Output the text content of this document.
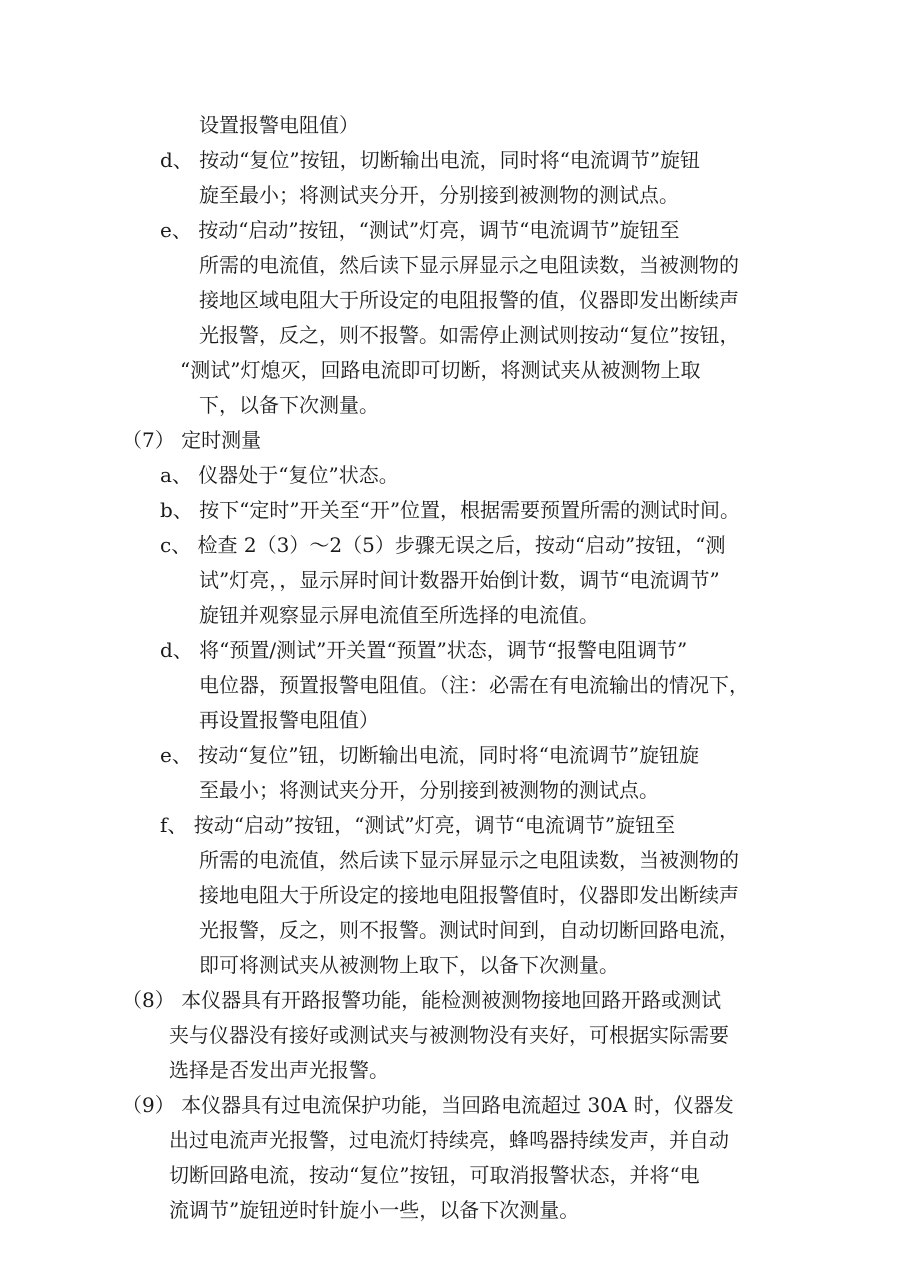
设置报警电阻值）
d、 按动“复位”按钮，切断输出电流，同时将“电流调节”旋钮
旋至最小；将测试夹分开，分别接到被测物的测试点。
e、 按动“启动”按钮，“测试”灯亮，调节“电流调节”旋钮至
所需的电流值，然后读下显示屏显示之电阻读数，当被测物的
接地区域电阻大于所设定的电阻报警的值，仪器即发出断续声
光报警，反之，则不报警。如需停止测试则按动“复位”按钮，
“测试”灯熄灭，回路电流即可切断，将测试夹从被测物上取
下，以备下次测量。
（7） 定时测量
a、 仪器处于“复位”状态。
b、 按下“定时”开关至“开”位置，根据需要预置所需的测试时间。
c、 检查 2（3）～2（5）步骤无误之后，按动“启动”按钮，“测
试”灯亮，，显示屏时间计数器开始倒计数，调节“电流调节”
旋钮并观察显示屏电流值至所选择的电流值。
d、 将“预置/测试”开关置“预置”状态，调节“报警电阻调节”
电位器，预置报警电阻值。（注：必需在有电流输出的情况下，
再设置报警电阻值）
e、 按动“复位”钮，切断输出电流，同时将“电流调节”旋钮旋
至最小；将测试夹分开，分别接到被测物的测试点。
f、 按动“启动”按钮，“测试”灯亮，调节“电流调节”旋钮至
所需的电流值，然后读下显示屏显示之电阻读数，当被测物的
接地电阻大于所设定的接地电阻报警值时，仪器即发出断续声
光报警，反之，则不报警。测试时间到，自动切断回路电流，
即可将测试夹从被测物上取下，以备下次测量。
（8） 本仪器具有开路报警功能，能检测被测物接地回路开路或测试
夹与仪器没有接好或测试夹与被测物没有夹好，可根据实际需要
选择是否发出声光报警。
（9） 本仪器具有过电流保护功能，当回路电流超过 30A 时，仪器发
出过电流声光报警，过电流灯持续亮，蜂鸣器持续发声，并自动
切断回路电流，按动“复位”按钮，可取消报警状态，并将“电
流调节”旋钮逆时针旋小一些，以备下次测量。
